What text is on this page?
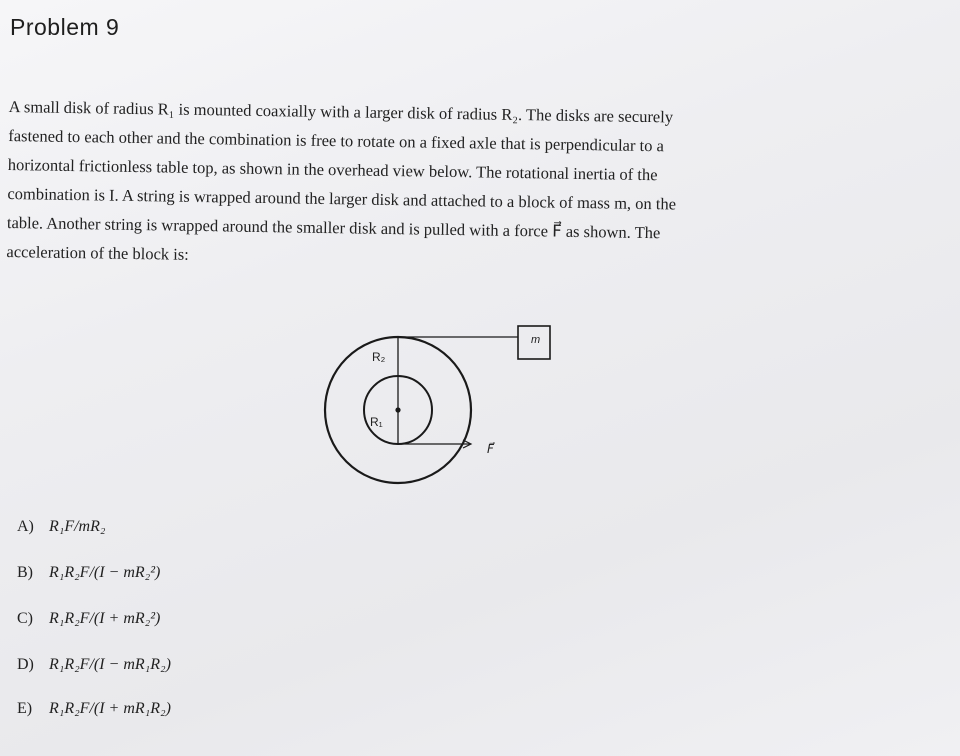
Problem 9
A small disk of radius R₁ is mounted coaxially with a larger disk of radius R₂. The disks are securely
fastened to each other and the combination is free to rotate on a fixed axle that is perpendicular to a
horizontal frictionless table top, as shown in the overhead view below. The rotational inertia of the
combination is I. A string is wrapped around the larger disk and attached to a block of mass m, on the
table. Another string is wrapped around the smaller disk and is pulled with a force F⃗ as shown. The
acceleration of the block is:
R₂
R₁
m
F⃗
A) R₁F/mR₂
B) R₁R₂F/(I − mR₂²)
C) R₁R₂F/(I + mR₂²)
D) R₁R₂F/(I − mR₁R₂)
E) R₁R₂F/(I + mR₁R₂)
